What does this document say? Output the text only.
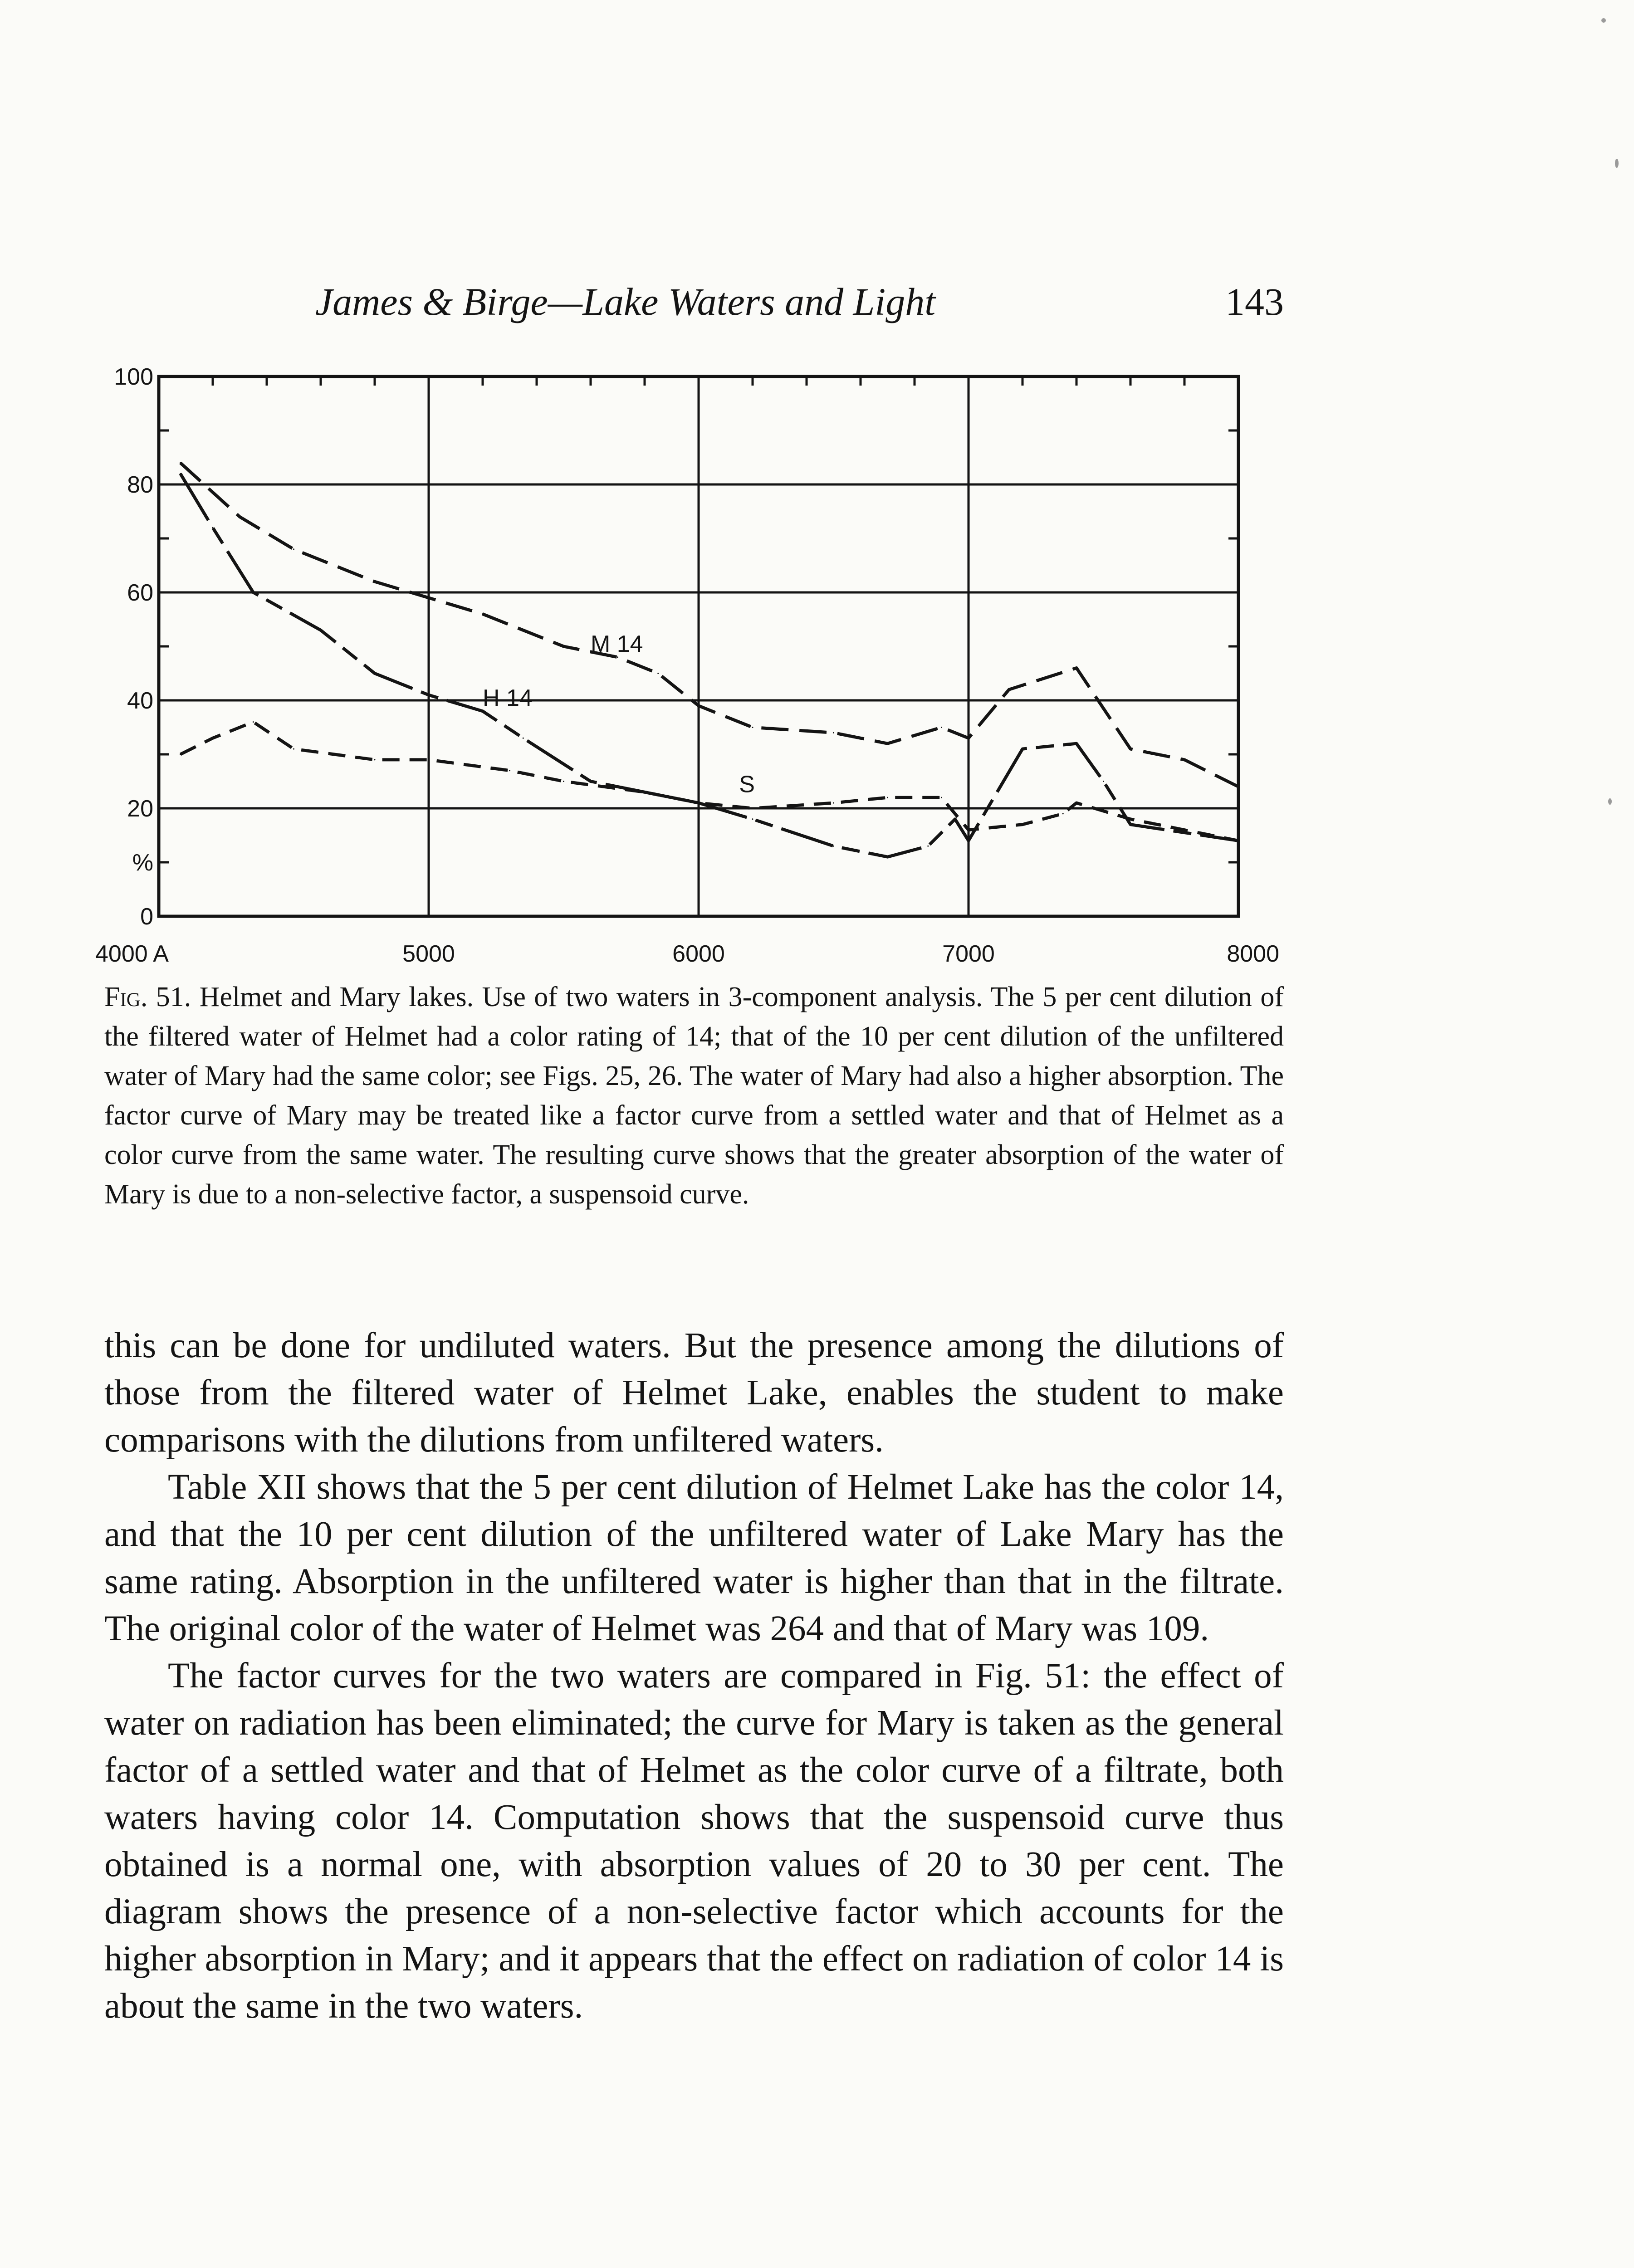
James & Birge—Lake Waters and Light	143
100
80
60
40
20
%
0
4000 A	5000	6000	7000	8000
M 14
H 14
S
Fig. 51. Helmet and Mary lakes. Use of two waters in 3-component analysis. The 5 per cent dilution of the filtered water of Helmet had a color rating of 14; that of the 10 per cent dilution of the unfiltered water of Mary had the same color; see Figs. 25, 26. The water of Mary had also a higher absorption. The factor curve of Mary may be treated like a factor curve from a settled water and that of Helmet as a color curve from the same water. The resulting curve shows that the greater absorption of the water of Mary is due to a non-selective factor, a suspensoid curve.

this can be done for undiluted waters. But the presence among the dilutions of those from the filtered water of Helmet Lake, enables the student to make comparisons with the dilutions from unfiltered waters.

Table XII shows that the 5 per cent dilution of Helmet Lake has the color 14, and that the 10 per cent dilution of the unfiltered water of Lake Mary has the same rating. Absorption in the unfiltered water is higher than that in the filtrate. The original color of the water of Helmet was 264 and that of Mary was 109.

The factor curves for the two waters are compared in Fig. 51: the effect of water on radiation has been eliminated; the curve for Mary is taken as the general factor of a settled water and that of Helmet as the color curve of a filtrate, both waters having color 14. Computation shows that the suspensoid curve thus obtained is a normal one, with absorption values of 20 to 30 per cent. The diagram shows the presence of a non-selective factor which accounts for the higher absorption in Mary; and it appears that the effect on radiation of color 14 is about the same in the two waters.
